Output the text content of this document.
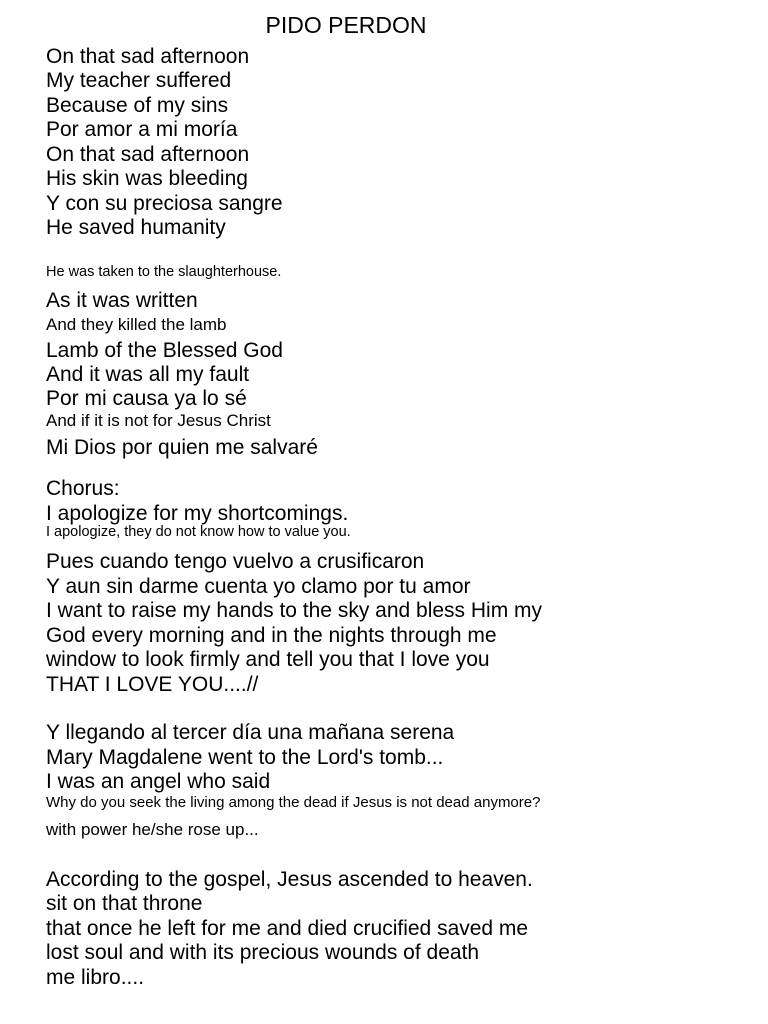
PIDO PERDON
On that sad afternoon
My teacher suffered
Because of my sins
Por amor a mi moría
On that sad afternoon
His skin was bleeding
Y con su preciosa sangre
He saved humanity
He was taken to the slaughterhouse.
As it was written
And they killed the lamb
Lamb of the Blessed God
And it was all my fault
Por mi causa ya lo sé
And if it is not for Jesus Christ
Mi Dios por quien me salvaré
Chorus:
I apologize for my shortcomings.
I apologize, they do not know how to value you.
Pues cuando tengo vuelvo a crusificaron
Y aun sin darme cuenta yo clamo por tu amor
I want to raise my hands to the sky and bless Him my
God every morning and in the nights through me
window to look firmly and tell you that I love you
THAT I LOVE YOU....//
Y llegando al tercer día una mañana serena
Mary Magdalene went to the Lord's tomb...
I was an angel who said
Why do you seek the living among the dead if Jesus is not dead anymore?
with power he/she rose up...
According to the gospel, Jesus ascended to heaven.
sit on that throne
that once he left for me and died crucified saved me
lost soul and with its precious wounds of death
me libro....
